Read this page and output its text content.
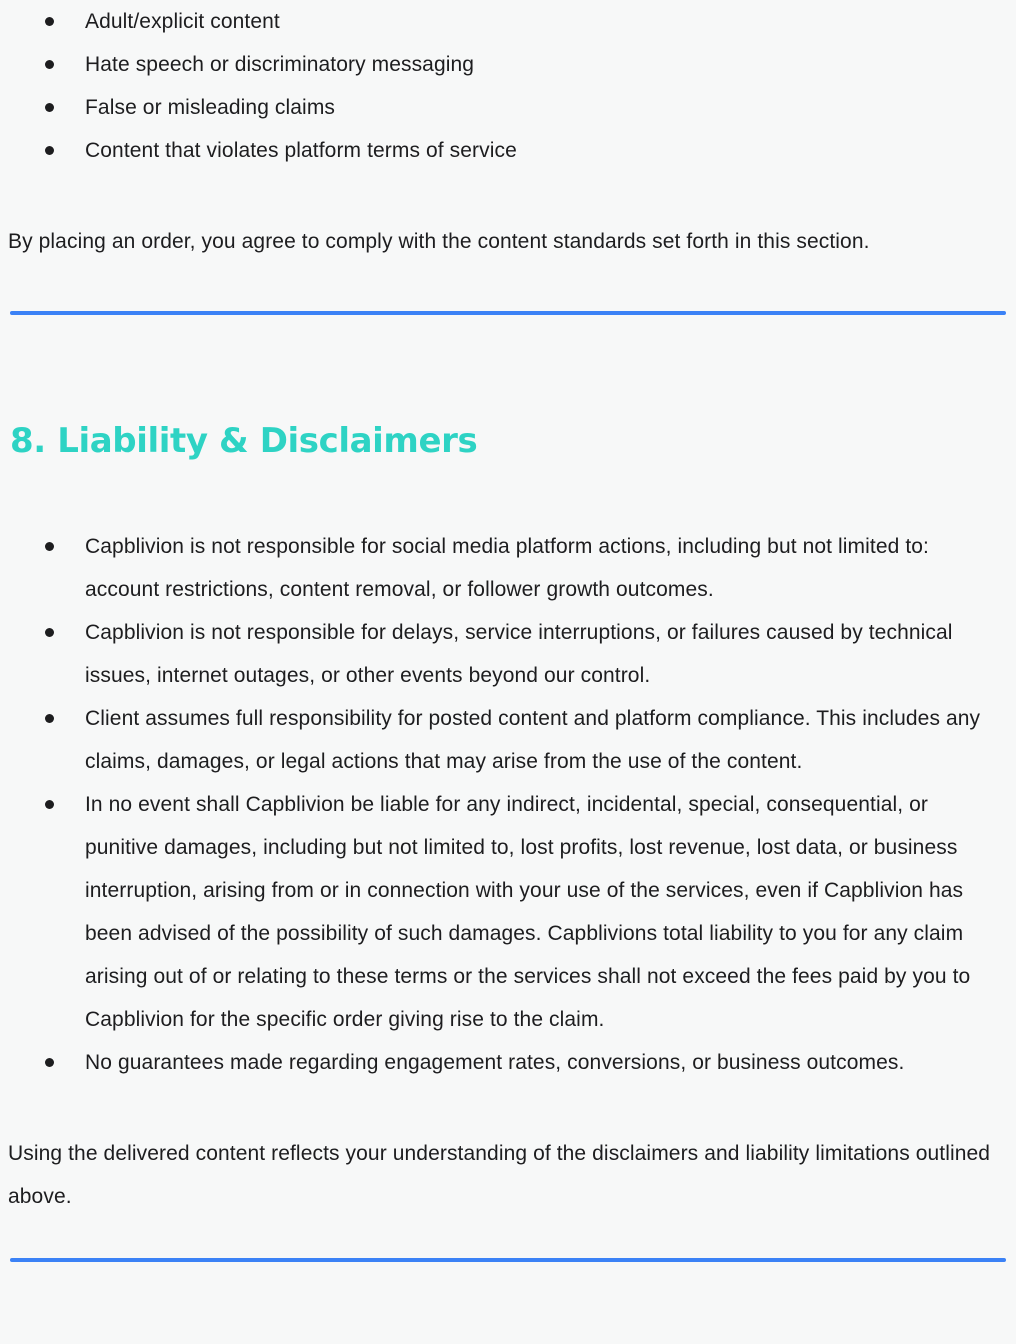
Adult/explicit content
Hate speech or discriminatory messaging
False or misleading claims
Content that violates platform terms of service

By placing an order, you agree to comply with the content standards set forth in this section.

8. Liability & Disclaimers
Capblivion is not responsible for social media platform actions, including but not limited to: account restrictions, content removal, or follower growth outcomes.
Capblivion is not responsible for delays, service interruptions, or failures caused by technical issues, internet outages, or other events beyond our control.
Client assumes full responsibility for posted content and platform compliance. This includes any claims, damages, or legal actions that may arise from the use of the content.
In no event shall Capblivion be liable for any indirect, incidental, special, consequential, or punitive damages, including but not limited to, lost profits, lost revenue, lost data, or business interruption, arising from or in connection with your use of the services, even if Capblivion has been advised of the possibility of such damages. Capblivions total liability to you for any claim arising out of or relating to these terms or the services shall not exceed the fees paid by you to Capblivion for the specific order giving rise to the claim.
No guarantees made regarding engagement rates, conversions, or business outcomes.

Using the delivered content reflects your understanding of the disclaimers and liability limitations outlined above.
